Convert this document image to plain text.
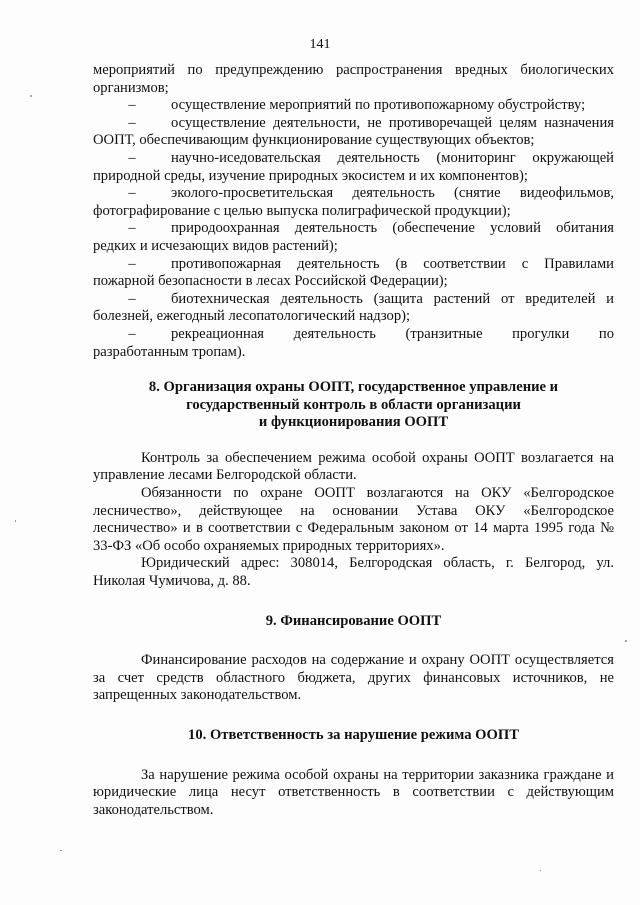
141

мероприятий по предупреждению распространения вредных биологических организмов;

–	осуществление мероприятий по противопожарному обустройству;
–	осуществление деятельности, не противоречащей целям назначения

ООПТ, обеспечивающим функционирование существующих объектов;

–	научно-иседовательская деятельность (мониторинг окружающей

природной среды, изучение природных экосистем и их компонентов);

–	эколого-просветительская деятельность (снятие видеофильмов,

фотографирование с целью выпуска полиграфической продукции);

–	природоохранная деятельность (обеспечение условий обитания

редких и исчезающих видов растений);

–	противопожарная деятельность (в соответствии с Правилами

пожарной безопасности в лесах Российской Федерации);

–	биотехническая деятельность (защита растений от вредителей и

болезней, ежегодный лесопатологический надзор);

–	рекреационная деятельность (транзитные прогулки по

разработанным тропам).

8. Организация охраны ООПТ, государственное управление и

государственный контроль в области организации

и функционирования ООПТ

Контроль за обеспечением режима особой охраны ООПТ возлагается на управление лесами Белгородской области.

Обязанности по охране ООПТ возлагаются на ОКУ «Белгородское лесничество», действующее на основании Устава ОКУ «Белгородское лесничество» и в соответствии с Федеральным законом от 14 марта 1995 года № 33-ФЗ «Об особо охраняемых природных территориях».

Юридический адрес: 308014, Белгородская область, г. Белгород, ул. Николая Чумичова, д. 88.

9. Финансирование ООПТ

Финансирование расходов на содержание и охрану ООПТ осуществляется за счет средств областного бюджета, других финансовых источников, не запрещенных законодательством.

10. Ответственность за нарушение режима ООПТ

За нарушение режима особой охраны на территории заказника граждане и юридические лица несут ответственность в соответствии с действующим законодательством.
